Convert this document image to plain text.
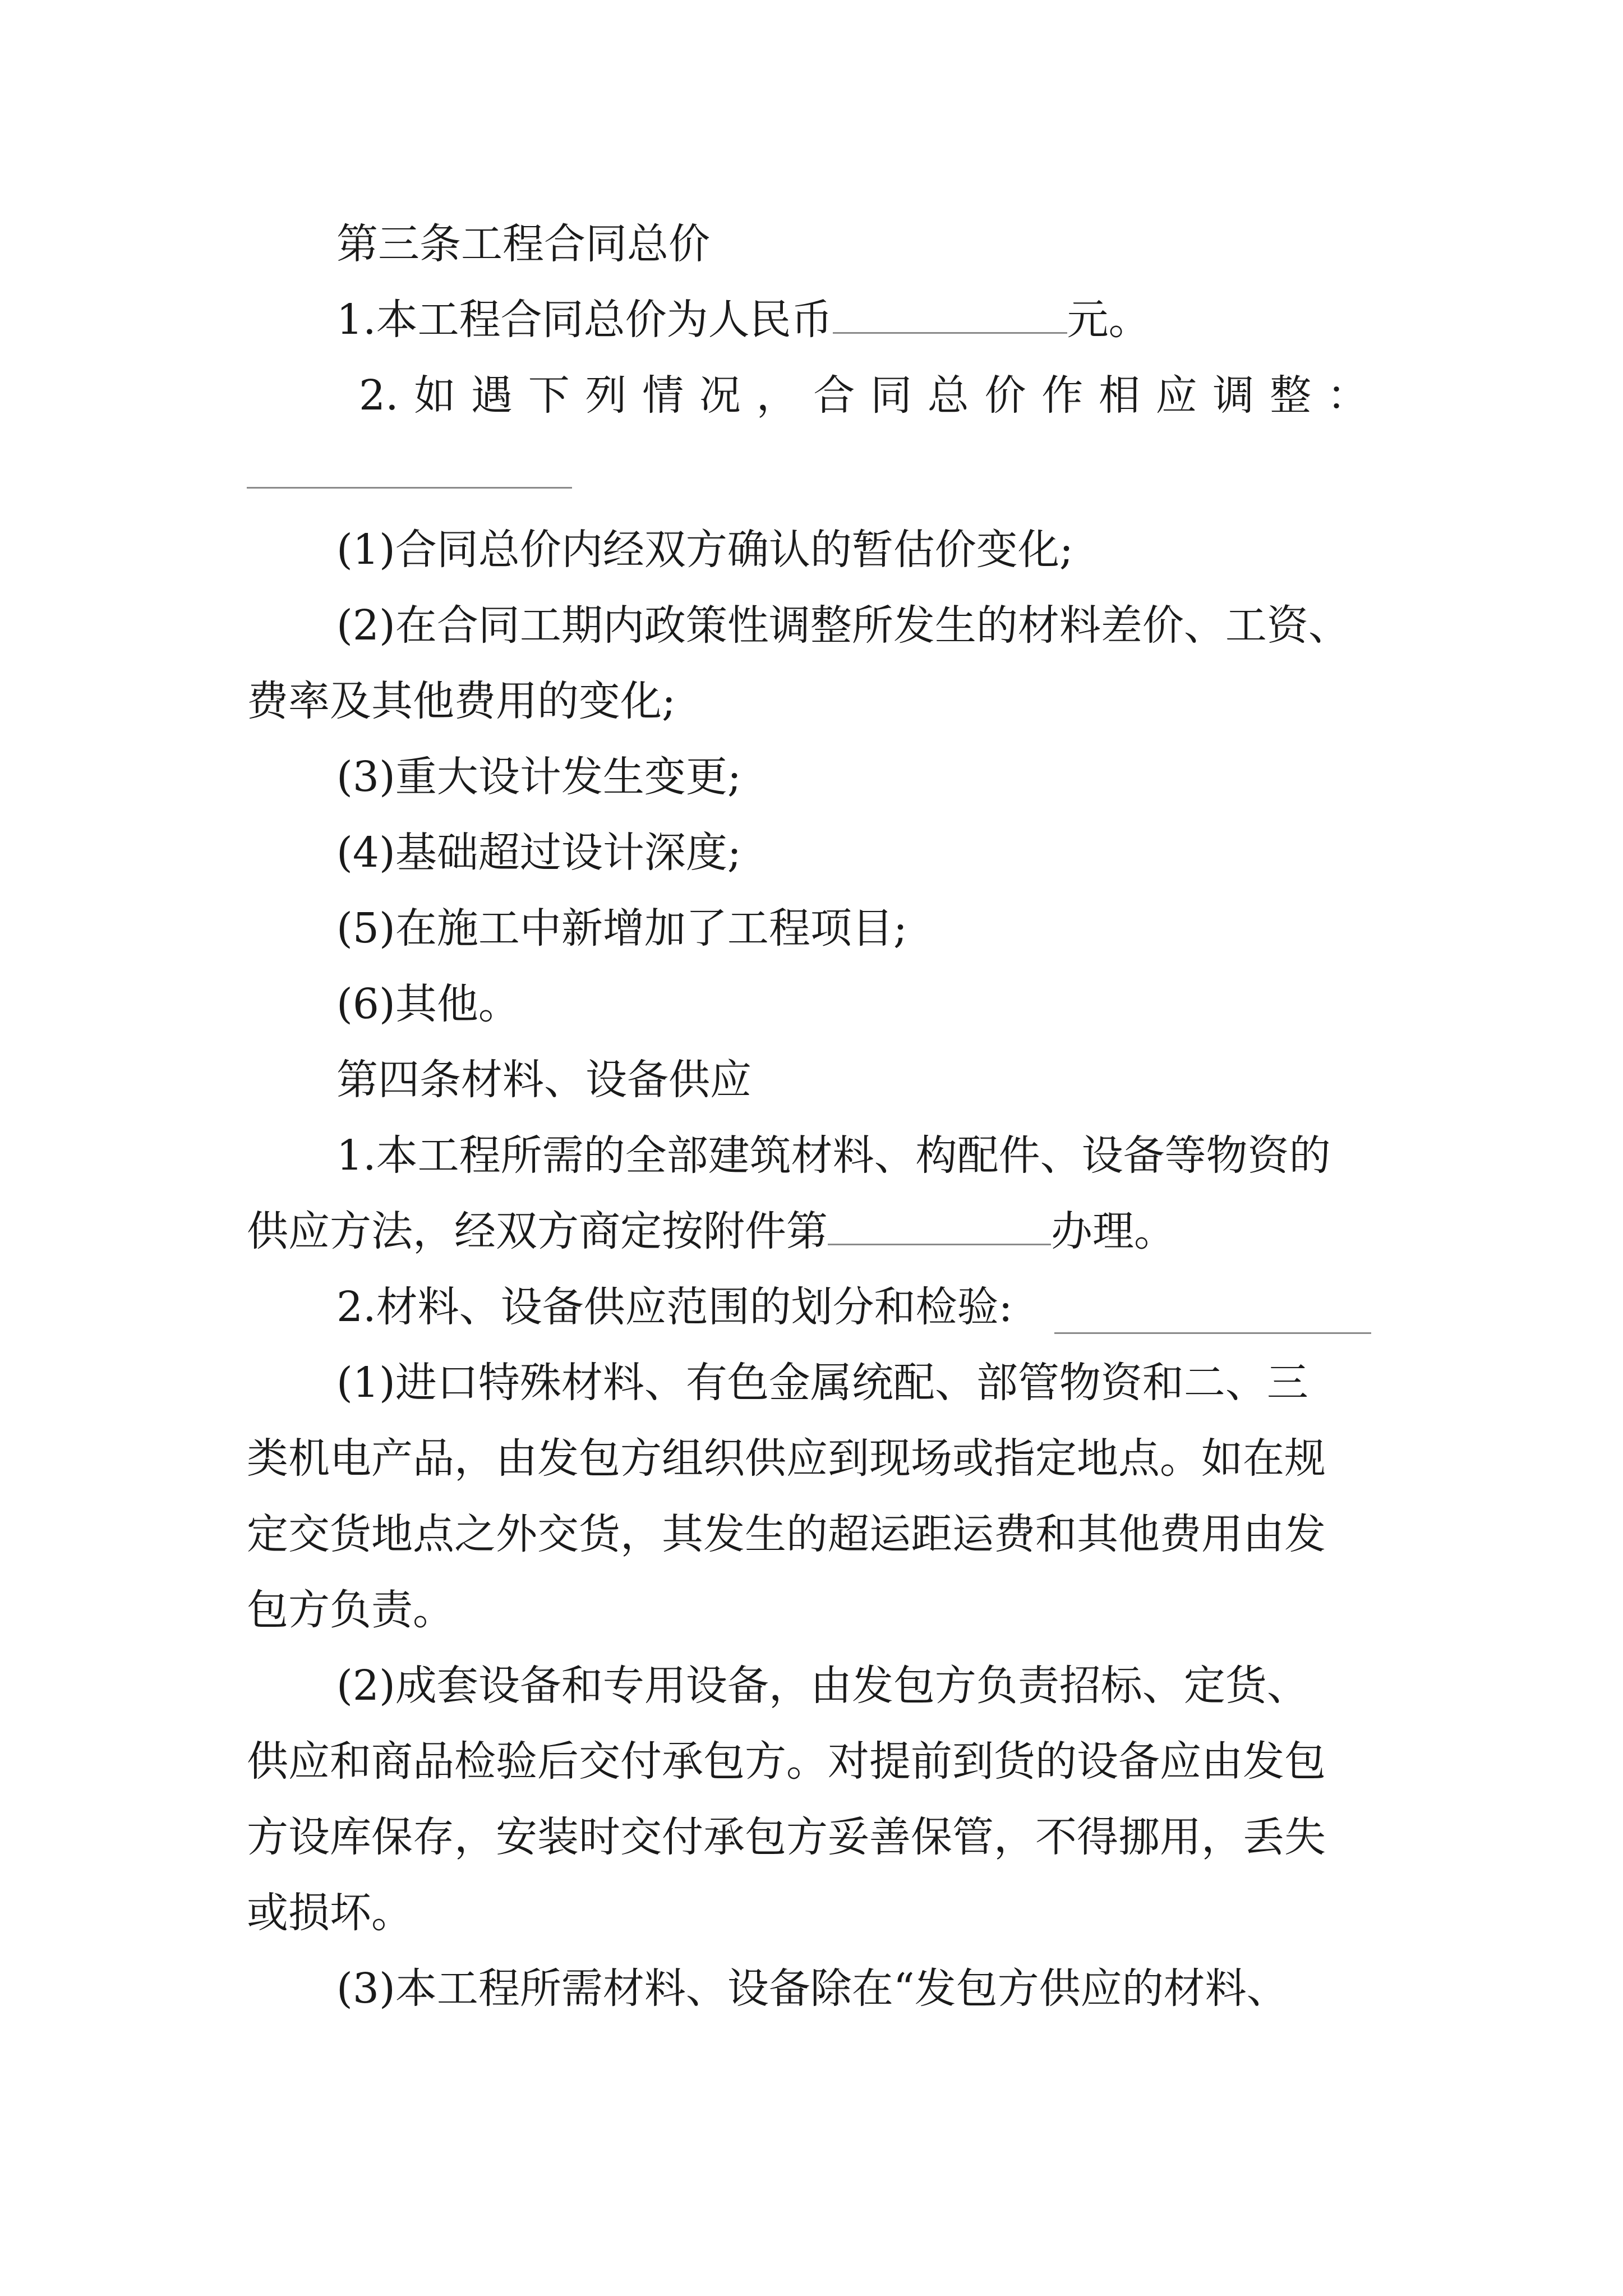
第三条工程合同总价
1.本工程合同总价为人民币	元。
2. 如 遇 下 列 情 况 ， 合 同 总 价 作 相 应 调 整 ：
(1)合同总价内经双方确认的暂估价变化;
(2)在合同工期内政策性调整所发生的材料差价、工资、
费率及其他费用的变化;
(3)重大设计发生变更;
(4)基础超过设计深度;
(5)在施工中新增加了工程项目;
(6)其他。
第四条材料、设备供应
1.本工程所需的全部建筑材料、构配件、设备等物资的
供应方法，经双方商定按附件第	办理。
2.材料、设备供应范围的划分和检验:
(1)进口特殊材料、有色金属统配、部管物资和二、三
类机电产品，由发包方组织供应到现场或指定地点。如在规
定交货地点之外交货，其发生的超运距运费和其他费用由发
包方负责。
(2)成套设备和专用设备，由发包方负责招标、定货、
供应和商品检验后交付承包方。对提前到货的设备应由发包
方设库保存，安装时交付承包方妥善保管，不得挪用，丢失
或损坏。
(3)本工程所需材料、设备除在“发包方供应的材料、
